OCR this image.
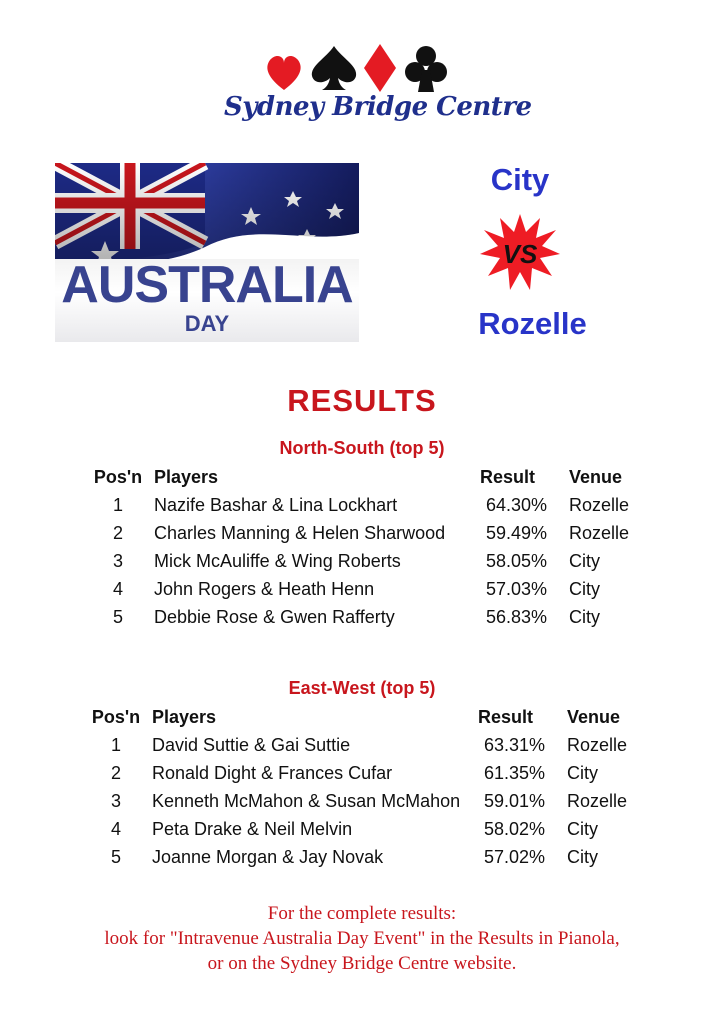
Sydney Bridge Centre
AUSTRALIA
DAY
City
VS
Rozelle
RESULTS
North-South (top 5)
Pos'n Players	Result Venue
1	Nazife Bashar & Lina Lockhart	64.30% Rozelle
2	Charles Manning & Helen Sharwood 59.49% Rozelle
3	Mick McAuliffe & Wing Roberts	58.05% City
4	John Rogers & Heath Henn	57.03% City
5	Debbie Rose & Gwen Rafferty	56.83% City
East-West (top 5)
Pos'n Players	Result Venue
1	David Suttie & Gai Suttie	63.31% Rozelle
2	Ronald Dight & Frances Cufar	61.35% City
3	Kenneth McMahon & Susan McMahon 59.01% Rozelle
4	Peta Drake & Neil Melvin	58.02% City
5	Joanne Morgan & Jay Novak	57.02% City
For the complete results:
look for "Intravenue Australia Day Event" in the Results in Pianola,
or on the Sydney Bridge Centre website.
